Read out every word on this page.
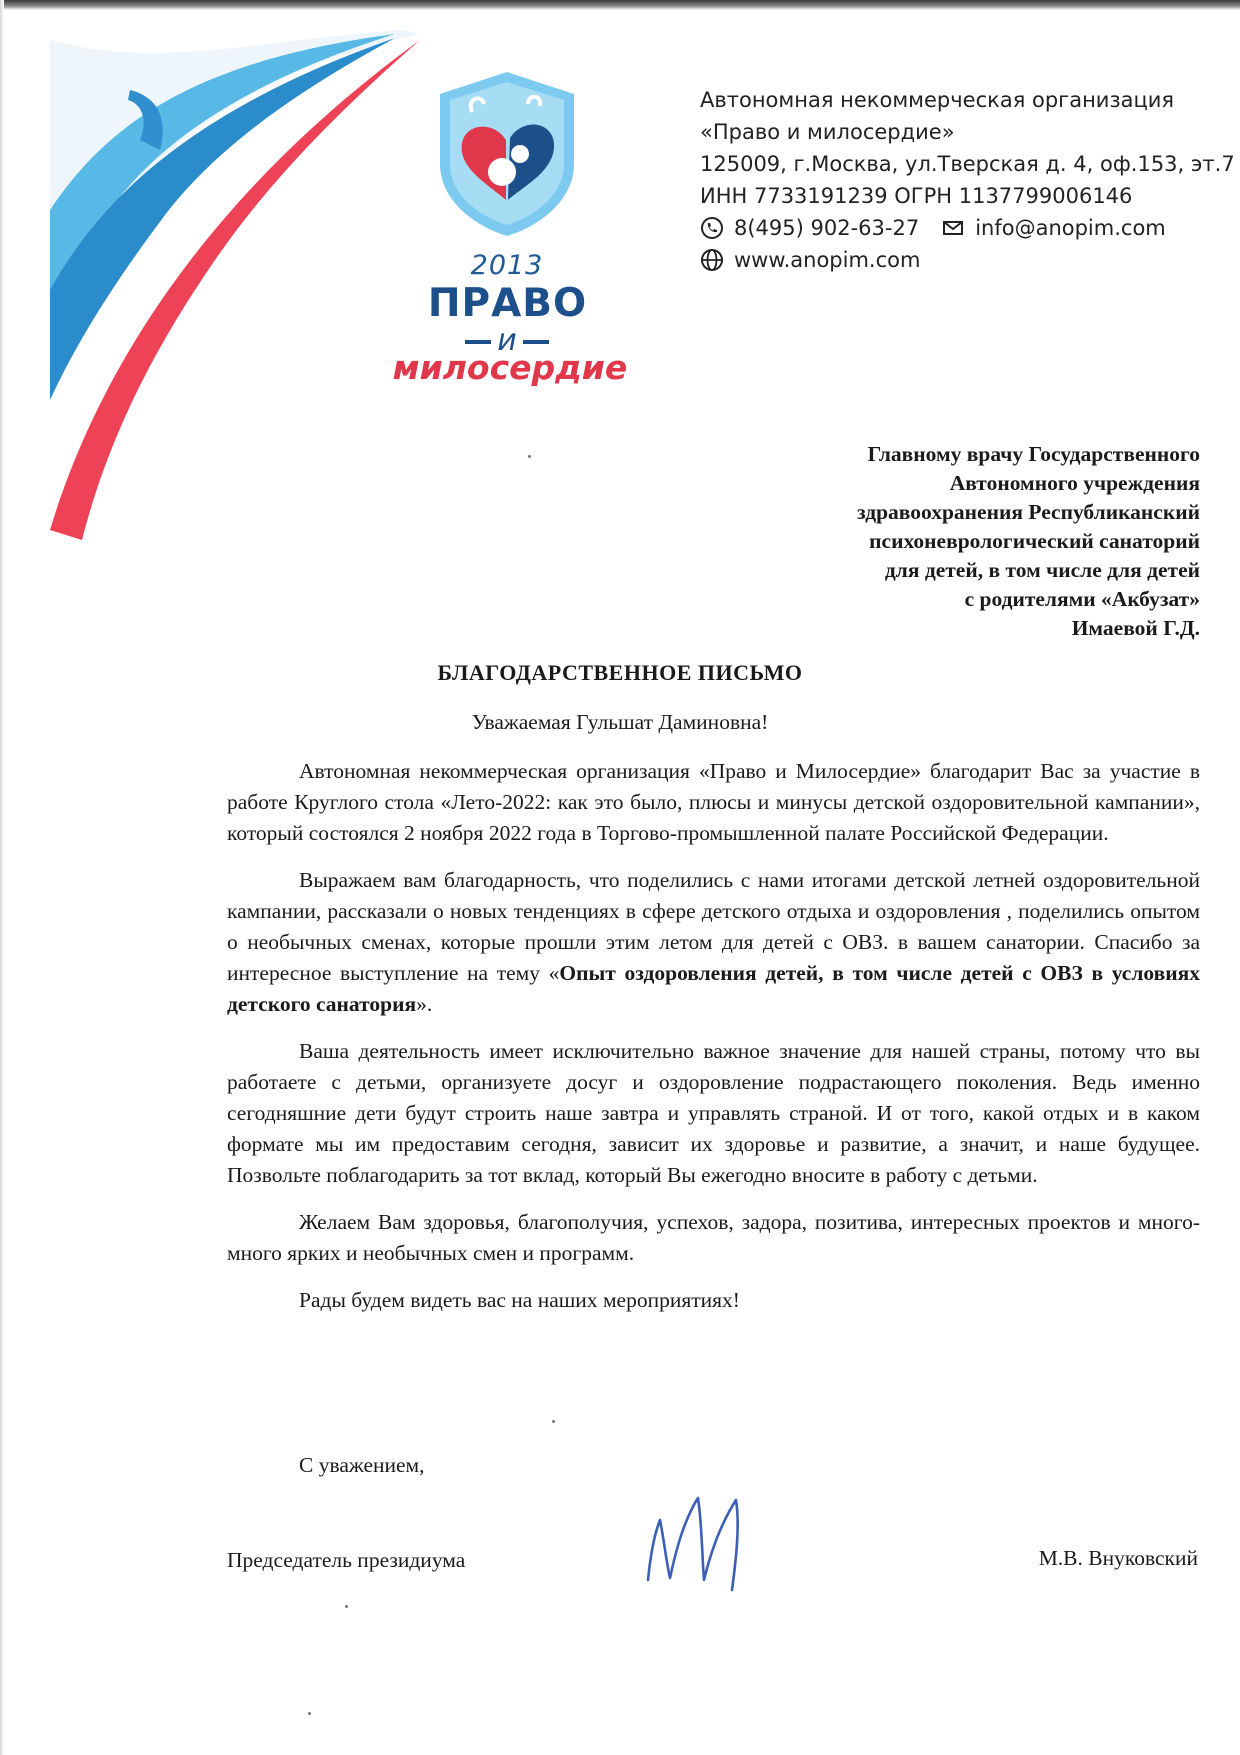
2013
ПРАВО
и
милосердие
Автономная некоммерческая организация
«Право и милосердие»
125009, г.Москва, ул.Тверская д. 4, оф.153, эт.7
ИНН 7733191239 ОГРН 1137799006146
8(495) 902-63-27	info@anopim.com
www.anopim.com
Главному врачу Государственного
Автономного учреждения
здравоохранения Республиканский
психоневрологический санаторий
для детей, в том числе для детей
с родителями «Акбузат»
Имаевой Г.Д.
БЛАГОДАРСТВЕННОЕ ПИСЬМО
Уважаемая Гульшат Даминовна!

Автономная некоммерческая организация «Право и Милосердие» благодарит Вас за участие в работе Круглого стола «Лето-2022: как это было, плюсы и минусы детской оздоровительной кампании», который состоялся 2 ноября 2022 года в Торгово-промышленной палате Российской Федерации.

Выражаем вам благодарность, что поделились с нами итогами детской летней оздоровительной кампании, рассказали о новых тенденциях в сфере детского отдыха и оздоровления , поделились опытом о необычных сменах, которые прошли этим летом для детей с ОВЗ. в вашем санатории. Спасибо за интересное выступление на тему «Опыт оздоровления детей, в том числе детей с ОВЗ в условиях детского санатория».

Ваша деятельность имеет исключительно важное значение для нашей страны, потому что вы работаете с детьми, организуете досуг и оздоровление подрастающего поколения. Ведь именно сегодняшние дети будут строить наше завтра и управлять страной. И от того, какой отдых и в каком формате мы им предоставим сегодня, зависит их здоровье и развитие, а значит, и наше будущее. Позвольте поблагодарить за тот вклад, который Вы ежегодно вносите в работу с детьми.

Желаем Вам здоровья, благополучия, успехов, задора, позитива, интересных проектов и много-много ярких и необычных смен и программ.

Рады будем видеть вас на наших мероприятиях!

С уважением,
Председатель президиума	М.В. Внуковский
